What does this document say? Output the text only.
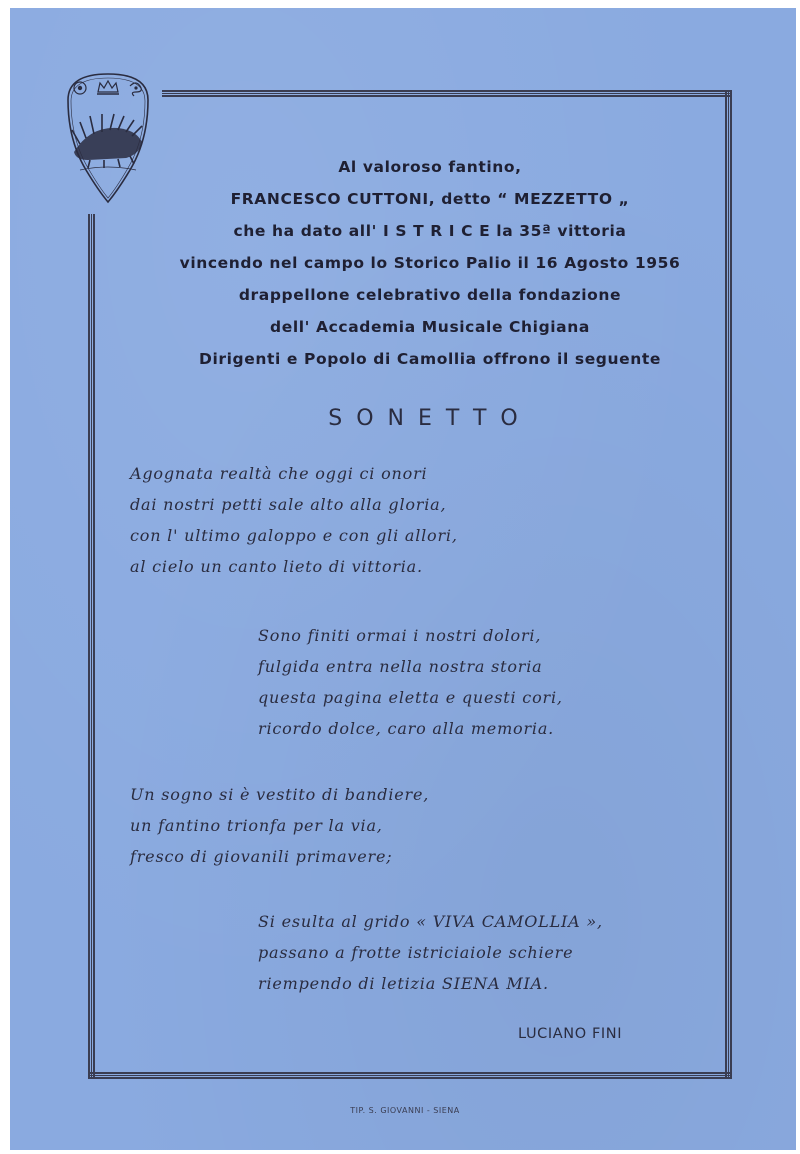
Al valoroso fantino,
FRANCESCO CUTTONI, detto “ MEZZETTO „
che ha dato all' I S T R I C E la 35ª vittoria
vincendo nel campo lo Storico Palio il 16 Agosto 1956
drappellone celebrativo della fondazione
dell' Accademia Musicale Chigiana
Dirigenti e Popolo di Camollia offrono il seguente
SONETTO
Agognata realtà che oggi ci onori
dai nostri petti sale alto alla gloria,
con l' ultimo galoppo e con gli allori,
al cielo un canto lieto di vittoria.
Sono finiti ormai i nostri dolori,
fulgida entra nella nostra storia
questa pagina eletta e questi cori,
ricordo dolce, caro alla memoria.
Un sogno si è vestito di bandiere,
un fantino trionfa per la via,
fresco di giovanili primavere;
Si esulta al grido « VIVA CAMOLLIA »,
passano a frotte istriciaiole schiere
riempendo di letizia SIENA MIA.
LUCIANO FINI
TIP. S. GIOVANNI - SIENA
